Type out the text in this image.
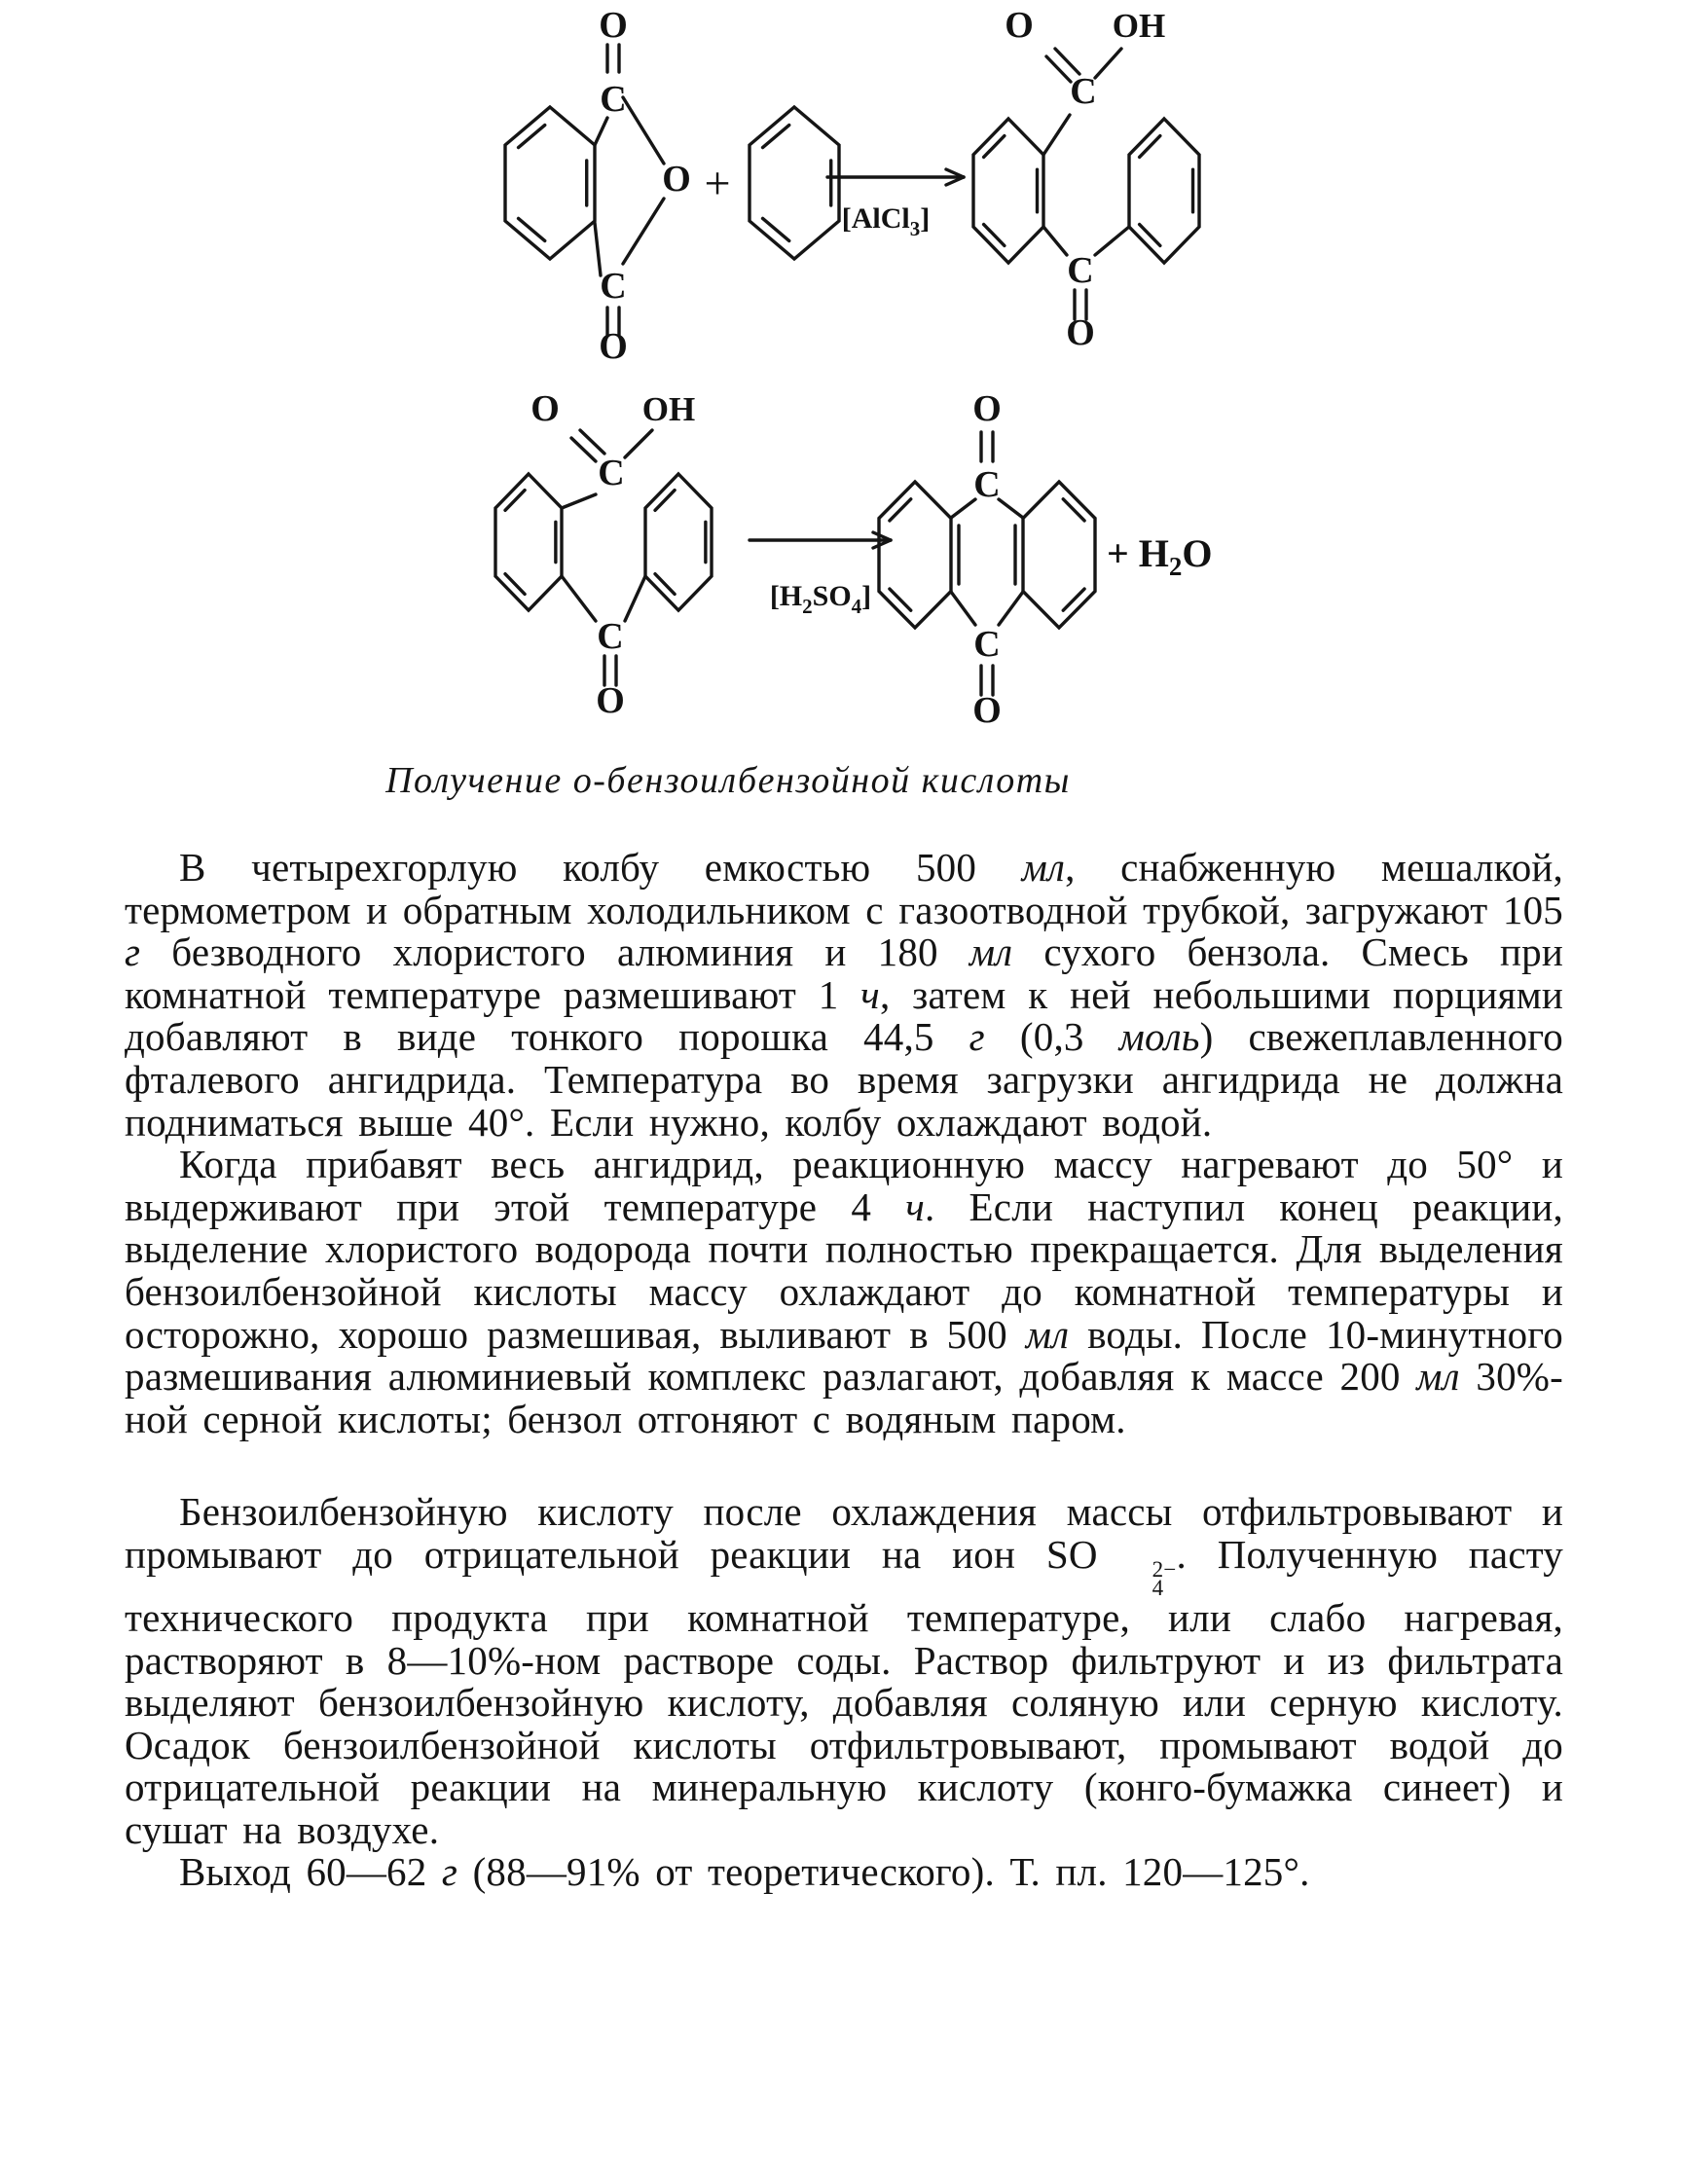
O
C
O
C
O
+
[AlCl$_3$]
O OH
C
C
O
O OH
C
C
O
$[H_2SO_4]$
O
C
C
O
+ $H_2O$
Получение о-бензоилбензойной кислоты

В четырехгорлую колбу емкостью 500 мл, снабженную мешалкой, термометром и обратным холодильником с газоотводной трубкой, загружают 105 г безводного хлористого алюминия и 180 мл сухого бензола. Смесь при комнатной температуре размешивают 1 ч, затем к ней небольшими порциями добавляют в виде тонкого порошка 44,5 г (0,3 моль) свежеплавленного фталевого ангидрида. Температура во время загрузки ангидрида не должна подниматься выше 40°. Если нужно, колбу охлаждают водой.

Когда прибавят весь ангидрид, реакционную массу нагревают до 50° и выдерживают при этой температуре 4 ч. Если наступил конец реакции, выделение хлористого водорода почти полностью прекращается. Для выделения бензоилбензойной кислоты массу охлаждают до комнатной температуры и осторожно, хорошо размешивая, выливают в 500 мл воды. После 10-минутного размешивания алюминиевый комплекс разлагают, добавляя к массе 200 мл 30%-ной серной кислоты; бензол отгоняют с водяным паром.

Бензоилбензойную кислоту после охлаждения массы отфильтровывают и промывают до отрицательной реакции на ион SO	2−
4
. Полученную пасту технического продукта при комнатной температуре, или слабо нагревая, растворяют в 8—10%-ном растворе соды. Раствор фильтруют и из фильтрата выделяют бензоилбензойную кислоту, добавляя соляную или серную кислоту. Осадок бензоилбензойной кислоты отфильтровывают, промывают водой до отрицательной реакции на минеральную кислоту (конго-бумажка синеет) и сушат на воздухе.

Выход 60—62 г (88—91% от теоретического). Т. пл. 120—125°.
